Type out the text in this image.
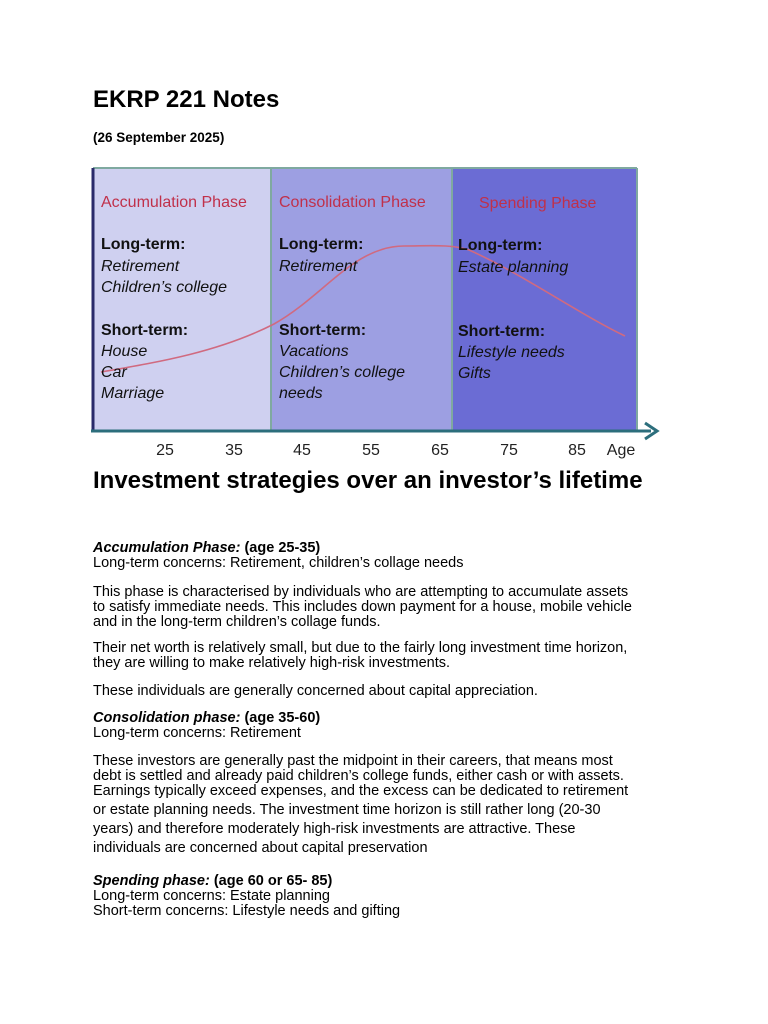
EKRP 221 Notes

(26 September 2025)

Accumulation Phase Consolidation Phase	Spending Phase
Long-term:
Retirement
Children’s college
Short-term:
House
Car
Marriage
Long-term:
Retirement
Short-term:
Vacations
Children’s college
needs
Long-term:
Estate planning
Short-term:
Lifestyle needs
Gifts
25	35	45	55	65	75	85 Age
Investment strategies over an investor’s lifetime

Accumulation Phase: (age 25-35)
Long-term concerns: Retirement, children’s collage needs

This phase is characterised by individuals who are attempting to accumulate assets
to satisfy immediate needs. This includes down payment for a house, mobile vehicle
and in the long-term children’s collage funds.

Their net worth is relatively small, but due to the fairly long investment time horizon,
they are willing to make relatively high-risk investments.

These individuals are generally concerned about capital appreciation.

Consolidation phase: (age 35-60)
Long-term concerns: Retirement

These investors are generally past the midpoint in their careers, that means most
debt is settled and already paid children’s college funds, either cash or with assets.
Earnings typically exceed expenses, and the excess can be dedicated to retirement

or estate planning needs. The investment time horizon is still rather long (20-30
years) and therefore moderately high-risk investments are attractive. These
individuals are concerned about capital preservation

Spending phase: (age 60 or 65- 85)
Long-term concerns: Estate planning
Short-term concerns: Lifestyle needs and gifting
